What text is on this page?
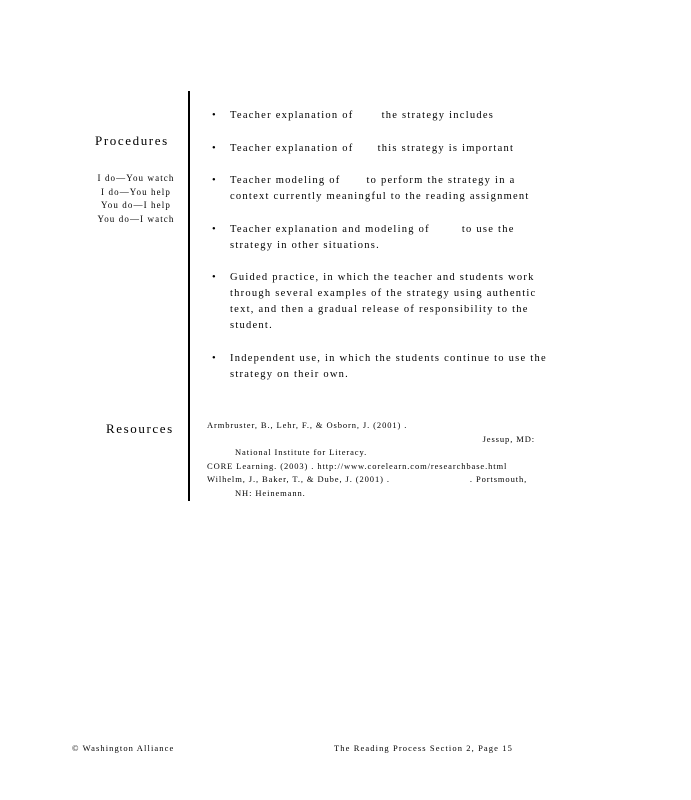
Procedures
I do—You watch
I do—You help
You do—I help
You do—I watch
• Teacher explanation of	the strategy includes
• Teacher explanation of this strategy is important
• Teacher modeling of to perform the strategy in a context currently meaningful to the reading assignment
• Teacher explanation and modeling of	to use the strategy in other situations.
• Guided practice, in which the teacher and students work through several examples of the strategy using authentic text, and then a gradual release of responsibility to the student.
• Independent use, in which the students continue to use the strategy on their own.
Resources	Armbruster, B., Lehr, F., & Osborn, J. (2001) .
Jessup, MD:
National Institute for Literacy.
CORE Learning. (2003) . http://www.corelearn.com/researchbase.html
Wilhelm, J., Baker, T., & Dube, J. (2001) .	. Portsmouth,
NH: Heinemann.
© Washington Alliance	The Reading Process Section 2, Page 15
